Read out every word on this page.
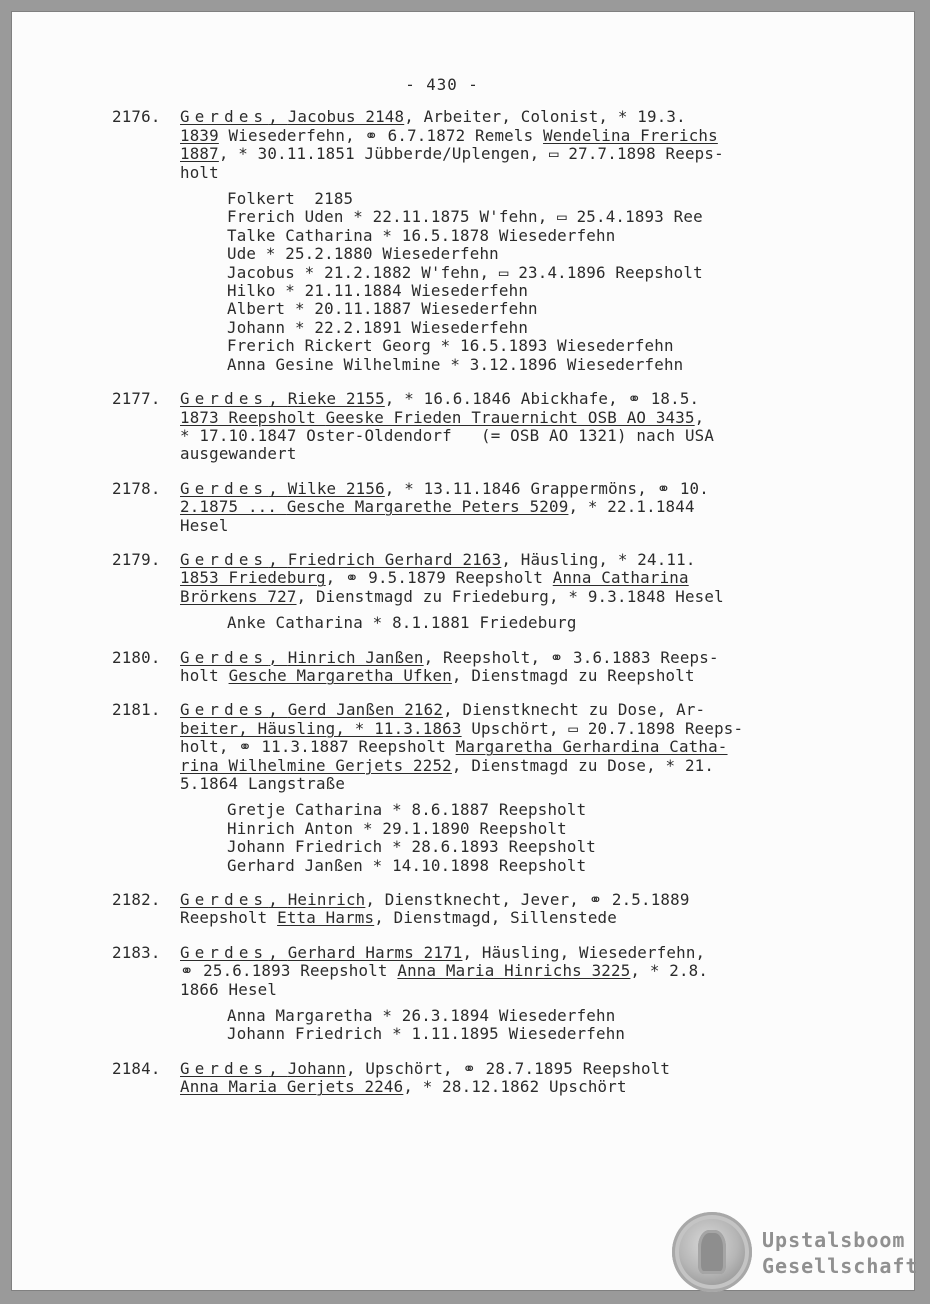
- 430 -
2176.	Gerdes, Jacobus 2148, Arbeiter, Colonist, * 19.3.
1839 Wiesederfehn, ⚭ 6.7.1872 Remels Wendelina Frerichs
1887, * 30.11.1851 Jübberde/Uplengen, ▭ 27.7.1898 Reeps-
holt
Folkert  2185
Frerich Uden * 22.11.1875 W'fehn, ▭ 25.4.1893 Ree
Talke Catharina * 16.5.1878 Wiesederfehn
Ude * 25.2.1880 Wiesederfehn
Jacobus * 21.2.1882 W'fehn, ▭ 23.4.1896 Reepsholt
Hilko * 21.11.1884 Wiesederfehn
Albert * 20.11.1887 Wiesederfehn
Johann * 22.2.1891 Wiesederfehn
Frerich Rickert Georg * 16.5.1893 Wiesederfehn
Anna Gesine Wilhelmine * 3.12.1896 Wiesederfehn
2177.	Gerdes, Rieke 2155, * 16.6.1846 Abickhafe, ⚭ 18.5.
1873 Reepsholt Geeske Frieden Trauernicht OSB AO 3435,
* 17.10.1847 Oster-Oldendorf   (= OSB AO 1321) nach USA
ausgewandert
2178.	Gerdes, Wilke 2156, * 13.11.1846 Grappermöns, ⚭ 10.
2.1875 ... Gesche Margarethe Peters 5209, * 22.1.1844
Hesel
2179.	Gerdes, Friedrich Gerhard 2163, Häusling, * 24.11.
1853 Friedeburg, ⚭ 9.5.1879 Reepsholt Anna Catharina
Brörkens 727, Dienstmagd zu Friedeburg, * 9.3.1848 Hesel
Anke Catharina * 8.1.1881 Friedeburg
2180.	Gerdes, Hinrich Janßen, Reepsholt, ⚭ 3.6.1883 Reeps-
holt Gesche Margaretha Ufken, Dienstmagd zu Reepsholt
2181.	Gerdes, Gerd Janßen 2162, Dienstknecht zu Dose, Ar-
beiter, Häusling, * 11.3.1863 Upschört, ▭ 20.7.1898 Reeps-
holt, ⚭ 11.3.1887 Reepsholt Margaretha Gerhardina Catha-
rina Wilhelmine Gerjets 2252, Dienstmagd zu Dose, * 21.
5.1864 Langstraße
Gretje Catharina * 8.6.1887 Reepsholt
Hinrich Anton * 29.1.1890 Reepsholt
Johann Friedrich * 28.6.1893 Reepsholt
Gerhard Janßen * 14.10.1898 Reepsholt
2182.	Gerdes, Heinrich, Dienstknecht, Jever, ⚭ 2.5.1889
Reepsholt Etta Harms, Dienstmagd, Sillenstede
2183.	Gerdes, Gerhard Harms 2171, Häusling, Wiesederfehn,
⚭ 25.6.1893 Reepsholt Anna Maria Hinrichs 3225, * 2.8.
1866 Hesel
Anna Margaretha * 26.3.1894 Wiesederfehn
Johann Friedrich * 1.11.1895 Wiesederfehn
2184.	Gerdes, Johann, Upschört, ⚭ 28.7.1895 Reepsholt
Anna Maria Gerjets 2246, * 28.12.1862 Upschört
Upstalsboom
Gesellschaft
